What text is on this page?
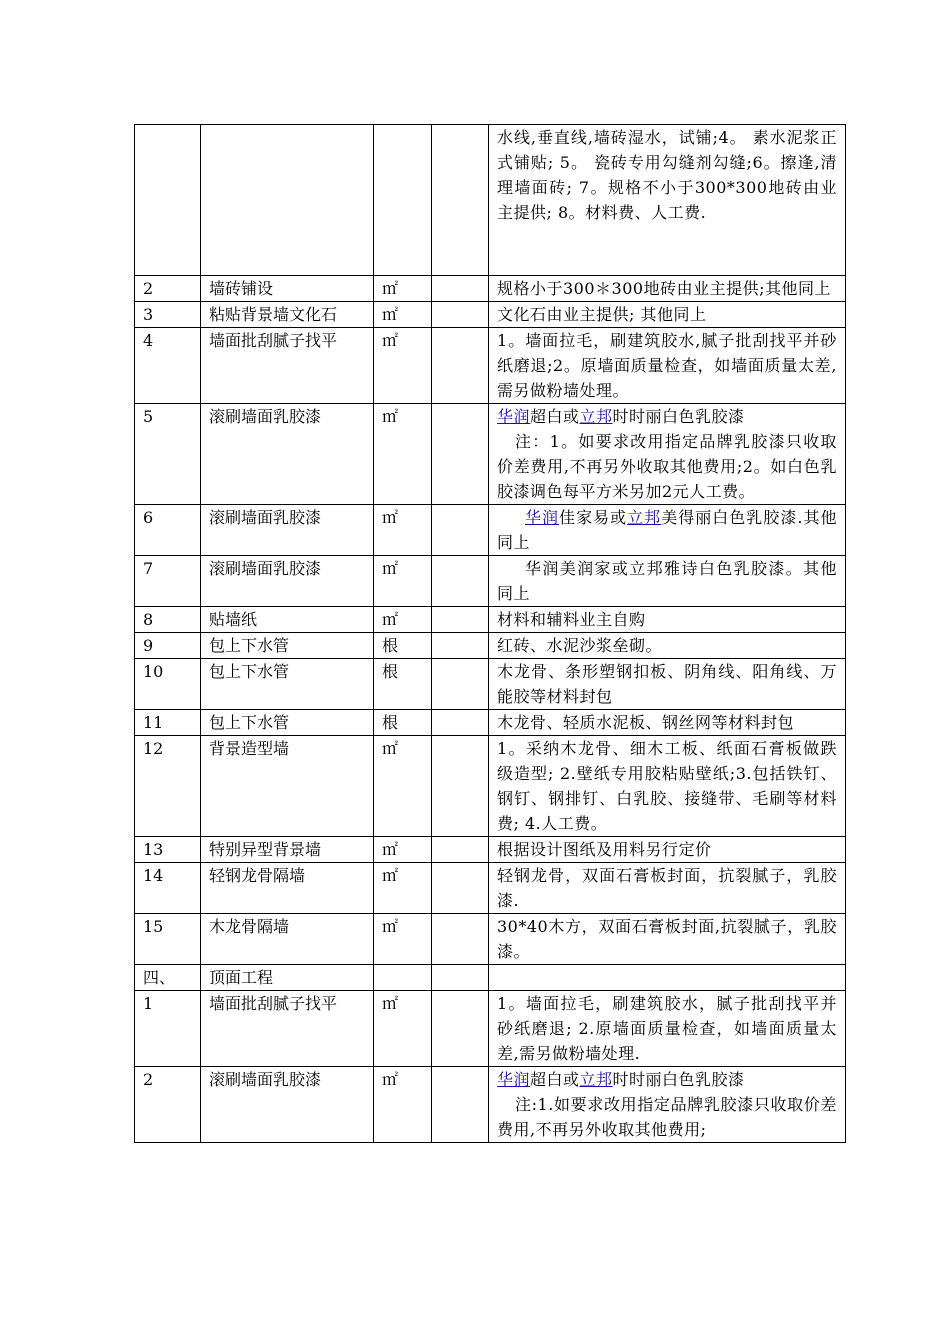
				水线,垂直线,墙砖湿水，试铺;4。 素水泥浆正式铺贴; 5。 瓷砖专用勾缝剂勾缝;6。擦逢,清理墙面砖; 7。规格不小于300*300地砖由业主提供; 8。材料费、人工费.
2	墙砖铺设	㎡		规格小于300＊300地砖由业主提供;其他同上
3	粘贴背景墙文化石	㎡		文化石由业主提供; 其他同上
4	墙面批刮腻子找平	㎡		1。墙面拉毛，刷建筑胶水,腻子批刮找平并砂纸磨退;2。原墙面质量检查，如墙面质量太差,需另做粉墙处理。
5	滚刷墙面乳胶漆	㎡		华润超白或立邦时时丽白色乳胶漆
注：1。如要求改用指定品牌乳胶漆只收取价差费用,不再另外收取其他费用;2。如白色乳胶漆调色每平方米另加2元人工费。
6	滚刷墙面乳胶漆	㎡		华润佳家易或立邦美得丽白色乳胶漆.其他同上
7	滚刷墙面乳胶漆	㎡		华润美润家或立邦雅诗白色乳胶漆。其他同上
8	贴墙纸	㎡		材料和辅料业主自购
9	包上下水管	根		红砖、水泥沙浆垒砌。
10	包上下水管	根		木龙骨、条形塑钢扣板、阴角线、阳角线、万能胶等材料封包
11	包上下水管	根		木龙骨、轻质水泥板、钢丝网等材料封包
12	背景造型墙	㎡		1。采纳木龙骨、细木工板、纸面石膏板做跌级造型; 2.壁纸专用胶粘贴壁纸;3.包括铁钉、钢钉、钢排钉、白乳胶、接缝带、毛刷等材料费; 4.人工费。
13	特别异型背景墙	㎡		根据设计图纸及用料另行定价
14	轻钢龙骨隔墙	㎡		轻钢龙骨，双面石膏板封面，抗裂腻子，乳胶漆.
15	木龙骨隔墙	㎡		30*40木方，双面石膏板封面,抗裂腻子，乳胶漆。
四、	顶面工程			
1	墙面批刮腻子找平	㎡		1。墙面拉毛，刷建筑胶水，腻子批刮找平并砂纸磨退; 2.原墙面质量检查，如墙面质量太差,需另做粉墙处理.
2	滚刷墙面乳胶漆	㎡		华润超白或立邦时时丽白色乳胶漆
注:1.如要求改用指定品牌乳胶漆只收取价差费用,不再另外收取其他费用;
